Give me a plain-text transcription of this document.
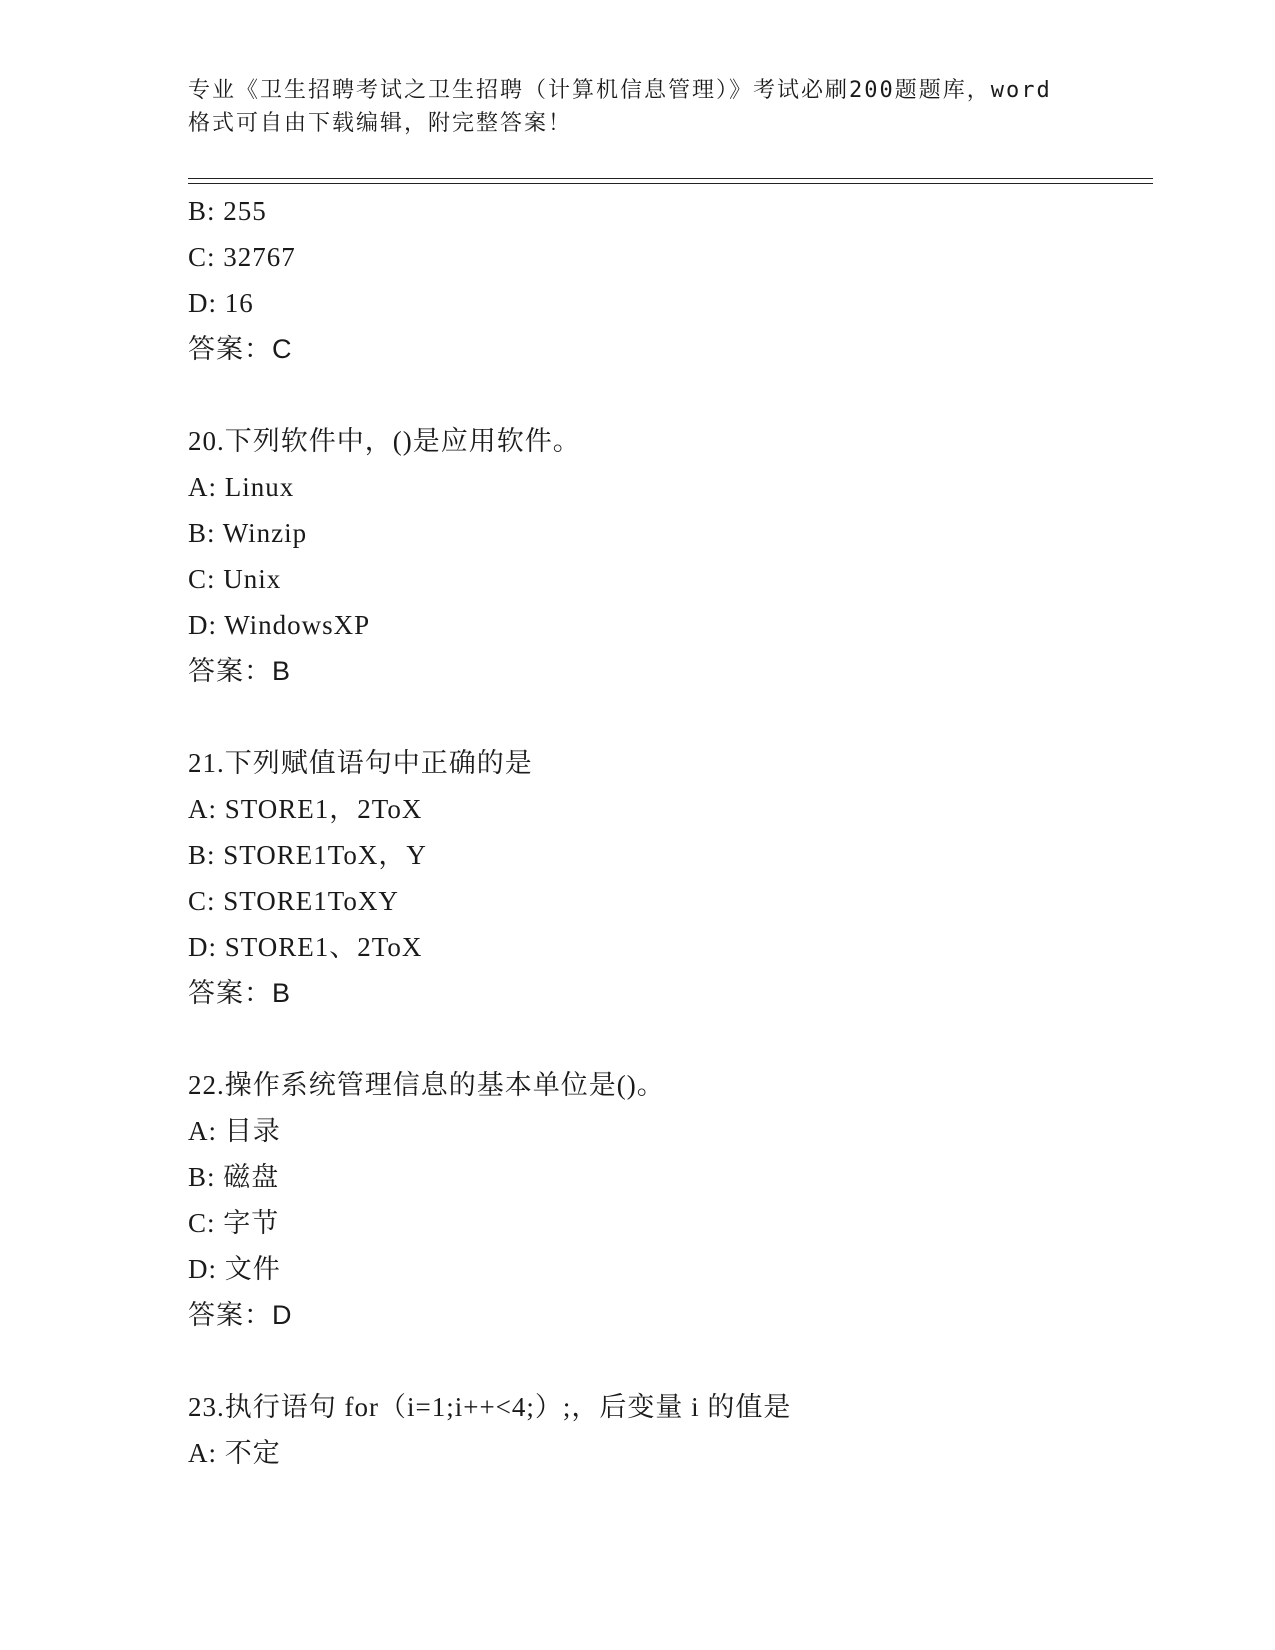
专业《卫生招聘考试之卫生招聘（计算机信息管理）》考试必刷200题题库，word
格式可自由下载编辑，附完整答案！
B: 255
C: 32767
D: 16
答案：C
20.下列软件中，()是应用软件。
A: Linux
B: Winzip
C: Unix
D: WindowsXP
答案：B
21.下列赋值语句中正确的是
A: STORE1，2ToX
B: STORE1ToX，Y
C: STORE1ToXY
D: STORE1、2ToX
答案：B
22.操作系统管理信息的基本单位是()。
A: 目录
B: 磁盘
C: 字节
D: 文件
答案：D
23.执行语句 for（i=1;i++<4;）;，后变量 i 的值是
A: 不定
